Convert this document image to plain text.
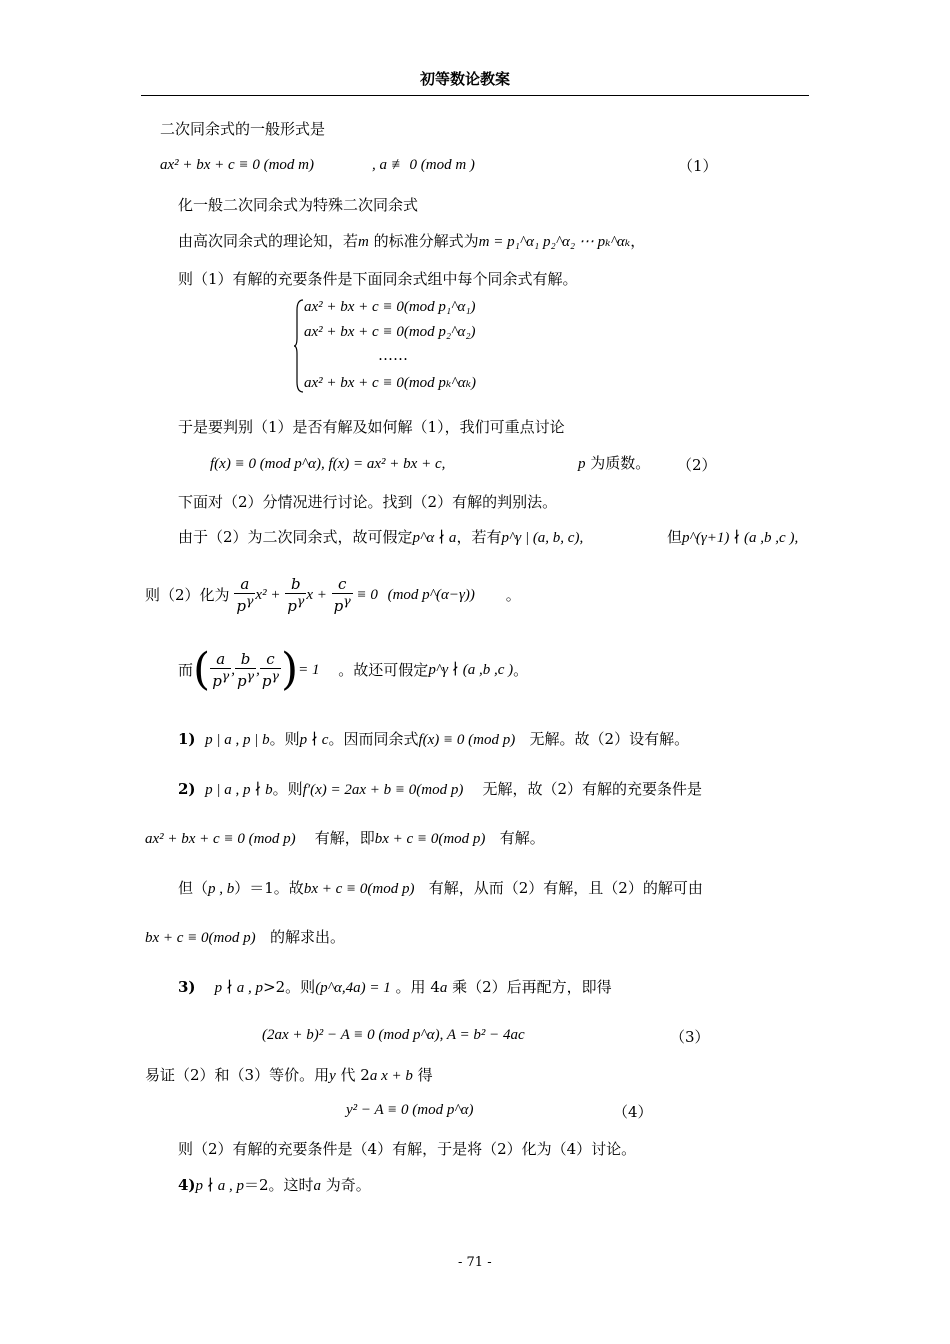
初等数论教案
二次同余式的一般形式是
ax² + bx + c ≡ 0 (mod m)	, a ≢ 0 (mod m )	（1）
化一般二次同余式为特殊二次同余式
由高次同余式的理论知，若m 的标准分解式为m = p₁^α₁ p₂^α₂ ⋯ pₖ^αₖ，
则（1）有解的充要条件是下面同余式组中每个同余式有解。
ax² + bx + c ≡ 0(mod p₁^α₁)
ax² + bx + c ≡ 0(mod p₂^α₂)
……
ax² + bx + c ≡ 0(mod pₖ^αₖ)
于是要判别（1）是否有解及如何解（1），我们可重点讨论
f(x) ≡ 0 (mod p^α), f(x) = ax² + bx + c,	p 为质数。 （2）
下面对（2）分情况进行讨论。找到（2）有解的判别法。
由于（2）为二次同余式，故可假定p^α ∤ a，若有p^γ | (a, b, c),	但p^(γ+1) ∤ (a ,b ,c ),
则（2）化为 $\frac{a}{p^\gamma} x^2 + \frac{b}{p^\gamma}$ $x + \frac{c}{p^\gamma} \equiv 0$ (mod p^(α−γ)) 。
而( $\frac{a}{p^\gamma}$ , $\frac{b}{p^\gamma}$ , $\frac{c}{p^\gamma}$ )= 1 。故还可假定p^γ ∤ (a ,b ,c )。
1) p | a , p | b。则p ∤ c。因而同余式f(x) ≡ 0 (mod p) 无解。故（2）设有解。
2) p | a , p ∤ b。则f′(x) = 2ax + b ≡ 0(mod p) 无解，故（2）有解的充要条件是
ax² + bx + c ≡ 0 (mod p) 有解，即bx + c ≡ 0(mod p) 有解。
但（p , b）＝1。故bx + c ≡ 0(mod p) 有解，从而（2）有解，且（2）的解可由
bx + c ≡ 0(mod p) 的解求出。
3) p ∤ a , p>2。则(p^α,4a) = 1 。用 4a 乘（2）后再配方，即得
(2ax + b)² − A ≡ 0 (mod p^α), A = b² − 4ac	（3）
易证（2）和（3）等价。用y 代 2a x + b 得
y² − A ≡ 0 (mod p^α)	（4）
则（2）有解的充要条件是（4）有解，于是将（2）化为（4）讨论。
4)p ∤ a , p＝2。这时a 为奇。
- 71 -
